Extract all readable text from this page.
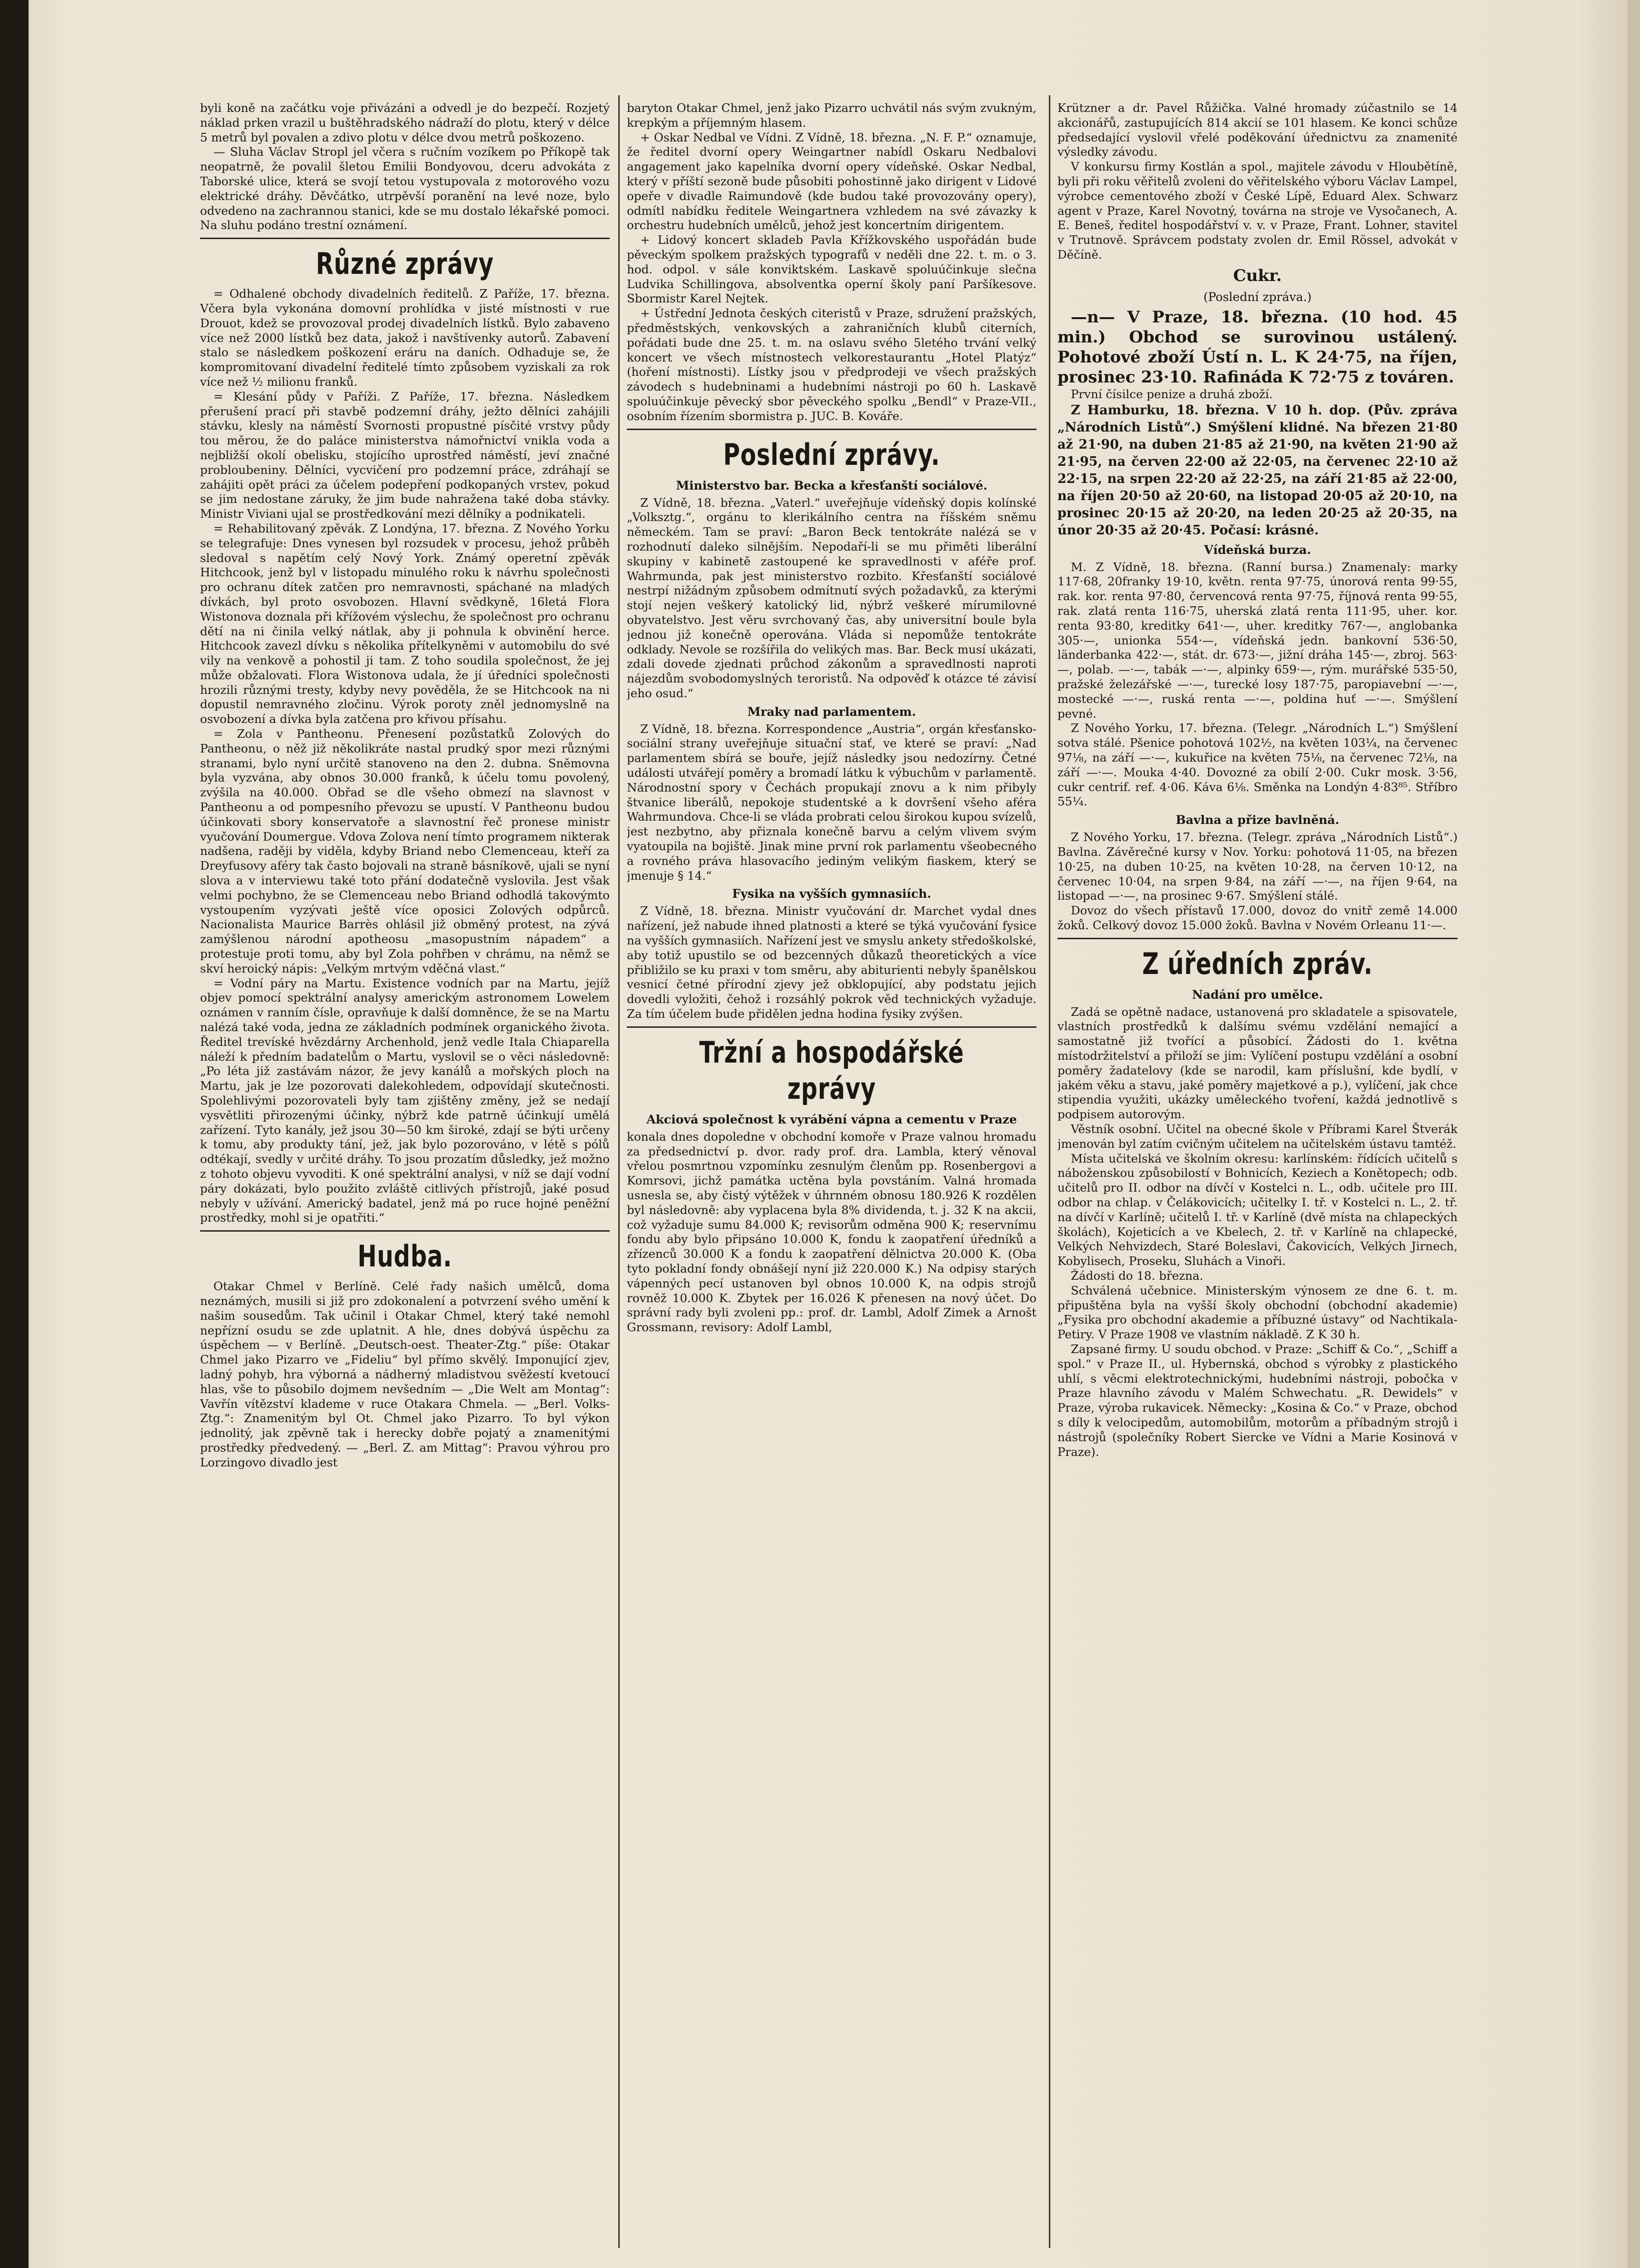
byli koně na začátku voje přivázáni a odvedl je do bezpečí. Rozjetý náklad prken vrazil u buštěhradského nádraží do plotu, který v délce 5 metrů byl povalen a zdivo plotu v délce dvou metrů poškozeno.

— Sluha Václav Stropl jel včera s ručním vozíkem po Příkopě tak neopatrně, že povalil šletou Emilii Bondyovou, dceru advokáta z Taborské ulice, která se svojí tetou vystupovala z motorového vozu elektrické dráhy. Děvčátko, utrpěvší poranění na levé noze, bylo odvedeno na zachrannou stanici, kde se mu dostalo lékařské pomoci. Na sluhu podáno trestní oznámení.

Různé zprávy

= Odhalené obchody divadelních ředitelů. Z Paříže, 17. března. Včera byla vykonána domovní prohlídka v jisté místnosti v rue Drouot, kdež se provozoval prodej divadelních lístků. Bylo zabaveno více než 2000 lístků bez data, jakož i navštívenky autorů. Zabavení stalo se následkem poškození eráru na daních. Odhaduje se, že kompromitovaní divadelní ředitelé tímto způsobem vyziskali za rok více než ½ milionu franků.

= Klesání půdy v Paříži. Z Paříže, 17. března. Následkem přerušení prací při stavbě podzemní dráhy, ježto dělníci zahájili stávku, klesly na náměstí Svornosti propustné písčité vrstvy půdy tou měrou, že do paláce ministerstva námořnictví vnikla voda a nejbližší okolí obelisku, stojícího uprostřed náměstí, jeví značné probloubeniny. Dělníci, vycvičení pro podzemní práce, zdráhají se zahájiti opět práci za účelem podepření podkopaných vrstev, pokud se jim nedostane záruky, že jim bude nahražena také doba stávky. Ministr Viviani ujal se prostředkování mezi dělníky a podnikateli.

= Rehabilitovaný zpěvák. Z Londýna, 17. března. Z Nového Yorku se telegrafuje: Dnes vynesen byl rozsudek v procesu, jehož průběh sledoval s napětím celý Nový York. Známý operetní zpěvák Hitchcook, jenž byl v listopadu minulého roku k návrhu společnosti pro ochranu dítek zatčen pro nemravnosti, spáchané na mladých dívkách, byl proto osvobozen. Hlavní svědkyně, 16letá Flora Wistonova doznala při křížovém výslechu, že společnost pro ochranu dětí na ni činila velký nátlak, aby ji pohnula k obvinění herce. Hitchcook zavezl dívku s několika přítelkyněmi v automobilu do své vily na venkově a pohostil ji tam. Z toho soudila společnost, že jej může obžalovati. Flora Wistonova udala, že jí úředníci společnosti hrozili různými tresty, kdyby nevy pověděla, že se Hitchcook na ni dopustil nemravného zločinu. Výrok poroty zněl jednomyslně na osvobození a dívka byla zatčena pro křivou přísahu.

= Zola v Pantheonu. Přenesení pozůstatků Zolových do Pantheonu, o něž již několikráte nastal prudký spor mezi různými stranami, bylo nyní určitě stanoveno na den 2. dubna. Sněmovna byla vyzvána, aby obnos 30.000 franků, k účelu tomu povolený, zvýšila na 40.000. Obřad se dle všeho obmezí na slavnost v Pantheonu a od pompesního převozu se upustí. V Pantheonu budou účinkovati sbory konservatoře a slavnostní řeč pronese ministr vyučování Doumergue. Vdova Zolova není tímto programem nikterak nadšena, raději by viděla, kdyby Briand nebo Clemenceau, kteří za Dreyfusovy aféry tak často bojovali na straně básníkově, ujali se nyní slova a v interviewu také toto přání dodatečně vyslovila. Jest však velmi pochybno, že se Clemenceau nebo Briand odhodlá takovýmto vystoupením vyzývati ještě více oposici Zolových odpůrců. Nacionalista Maurice Barrès ohlásil již obměný protest, na zývá zamýšlenou národní apotheosu „masopustním nápadem“ a protestuje proti tomu, aby byl Zola pohřben v chrámu, na němž se skví heroický nápis: „Velkým mrtvým vděčná vlast.“

= Vodní páry na Martu. Existence vodních par na Martu, jejíž objev pomocí spektrální analysy americkým astronomem Lowelem oznámen v ranním čísle, opravňuje k další domněnce, že se na Martu nalézá také voda, jedna ze základních podmínek organického života. Ředitel trevíské hvězdárny Archenhold, jenž vedle Itala Chiaparella náleží k předním badatelům o Martu, vyslovil se o věci následovně: „Po léta již zastávám názor, že jevy kanálů a mořských ploch na Martu, jak je lze pozorovati dalekohledem, odpovídají skutečnosti. Spolehlivými pozorovateli byly tam zjištěny změny, jež se nedají vysvětliti přirozenými účinky, nýbrž kde patrně účinkují umělá zařízení. Tyto kanály, jež jsou 30—50 km široké, zdají se býti určeny k tomu, aby produkty tání, jež, jak bylo pozorováno, v létě s pólů odtékají, svedly v určité dráhy. To jsou prozatím důsledky, jež možno z tohoto objevu vyvoditi. K oné spektrální analysi, v níž se dají vodní páry dokázati, bylo použito zvláště citlivých přístrojů, jaké posud nebyly v užívání. Americký badatel, jenž má po ruce hojné peněžní prostředky, mohl si je opatřiti.“

Hudba.

Otakar Chmel v Berlíně. Celé řady našich umělců, doma neznámých, musili si již pro zdokonalení a potvrzení svého umění k našim sousedům. Tak učinil i Otakar Chmel, který také nemohl nepřízní osudu se zde uplatnit. A hle, dnes dobývá úspěchu za úspěchem — v Berlíně. „Deutsch-oest. Theater-Ztg.“ píše: Otakar Chmel jako Pizarro ve „Fideliu“ byl přímo skvělý. Imponující zjev, ladný pohyb, hra výborná a nádherný mladistvou svěžestí kvetoucí hlas, vše to působilo dojmem nevšedním — „Die Welt am Montag“: Vavřín vítězství klademe v ruce Otakara Chmela. — „Berl. Volks-Ztg.“: Znamenitým byl Ot. Chmel jako Pizarro. To byl výkon jednolitý, jak zpěvně tak i herecky dobře pojatý a znamenitými prostředky předvedený. — „Berl. Z. am Mittag“: Pravou výhrou pro Lorzingovo divadlo jest

baryton Otakar Chmel, jenž jako Pizarro uchvátil nás svým zvukným, krepkým a příjemným hlasem.

+ Oskar Nedbal ve Vídni. Z Vídně, 18. března. „N. F. P.“ oznamuje, že ředitel dvorní opery Weingartner nabídl Oskaru Nedbalovi angagement jako kapelníka dvorní opery vídeňské. Oskar Nedbal, který v příští sezoně bude působiti pohostinně jako dirigent v Lidové opeře v divadle Raimundově (kde budou také provozovány opery), odmítl nabídku ředitele Weingartnera vzhledem na své závazky k orchestru hudebních umělců, jehož jest koncertním dirigentem.

+ Lidový koncert skladeb Pavla Křížkovského uspořádán bude pěveckým spolkem pražských typografů v neděli dne 22. t. m. o 3. hod. odpol. v sále konviktském. Laskavě spoluúčinkuje slečna Ludvika Schillingova, absolventka operní školy paní Paršíkesove. Sbormistr Karel Nejtek.

+ Ústřední Jednota českých citeristů v Praze, sdružení pražských, předměstských, venkovských a zahraničních klubů citerních, pořádati bude dne 25. t. m. na oslavu svého 5letého trvání velký koncert ve všech místnostech velkorestaurantu „Hotel Platýz“ (hoření místnosti). Lístky jsou v předprodeji ve všech pražských závodech s hudebninami a hudebními nástroji po 60 h. Laskavě spoluúčinkuje pěvecký sbor pěveckého spolku „Bendl“ v Praze-VII., osobním řízením sbormistra p. JUC. B. Kováře.

Poslední zprávy.
Ministerstvo bar. Becka a křesťanští sociálové.

Z Vídně, 18. března. „Vaterl.“ uveřejňuje vídeňský dopis kolínské „Volksztg.“, orgánu to klerikálního centra na říšském sněmu německém. Tam se praví: „Baron Beck tentokráte nalézá se v rozhodnutí daleko silnějším. Nepodaří-li se mu přiměti liberální skupiny v kabinetě zastoupené ke spravedlnosti v aféře prof. Wahrmunda, pak jest ministerstvo rozbito. Křesťanští sociálové nestrpí nižádným způsobem odmítnutí svých požadavků, za kterými stojí nejen veškerý katolický lid, nýbrž veškeré mírumilovné obyvatelstvo. Jest věru svrchovaný čas, aby universitní boule byla jednou již konečně operována. Vláda si nepomůže tentokráte odklady. Nevole se rozšířila do velikých mas. Bar. Beck musí ukázati, zdali dovede zjednati průchod zákonům a spravedlnosti naproti nájezdům svobodomyslných teroristů. Na odpověď k otázce té závisí jeho osud.“

Mraky nad parlamentem.

Z Vídně, 18. března. Korrespondence „Austria“, orgán křesťansko-sociální strany uveřejňuje situační stať, ve které se praví: „Nad parlamentem sbírá se bouře, jejíž následky jsou nedozírny. Četné události utvářejí poměry a bromadí látku k výbuchům v parlamentě. Národnostní spory v Čechách propukají znovu a k nim přibyly štvanice liberálů, nepokoje studentské a k dovršení všeho aféra Wahrmundova. Chce-li se vláda probrati celou širokou kupou svízelů, jest nezbytno, aby přiznala konečně barvu a celým vlivem svým vyatoupila na bojiště. Jinak mine první rok parlamentu všeobecného a rovného práva hlasovacího jediným velikým fiaskem, který se jmenuje § 14.“

Fysika na vyšších gymnasiích.

Z Vídně, 18. března. Ministr vyučování dr. Marchet vydal dnes nařízení, jež nabude ihned platnosti a které se týká vyučování fysice na vyšších gymnasiích. Nařízení jest ve smyslu ankety středoškolské, aby totiž upustilo se od bezcenných důkazů theoretických a více přibližilo se ku praxi v tom směru, aby abiturienti nebyly španělskou vesnicí četné přírodní zjevy jež obklopující, aby podstatu jejich dovedli vyložiti, čehož i rozsáhlý pokrok věd technických vyžaduje. Za tím účelem bude přidělen jedna hodina fysiky zvýšen.

Tržní a hospodářské zprávy
Akciová společnost k vyrábění vápna a cementu v Praze

konala dnes dopoledne v obchodní komoře v Praze valnou hromadu za předsednictví p. dvor. rady prof. dra. Lambla, který věnoval vřelou posmrtnou vzpomínku zesnulým členům pp. Rosenbergovi a Komrsovi, jichž památka uctěna byla povstáním. Valná hromada usnesla se, aby čistý výtěžek v úhrnném obnosu 180.926 K rozdělen byl následovně: aby vyplacena byla 8% dividenda, t. j. 32 K na akcii, což vyžaduje sumu 84.000 K; revisorům odměna 900 K; reservnímu fondu aby bylo připsáno 10.000 K, fondu k zaopatření úředníků a zřízenců 30.000 K a fondu k zaopatření dělnictva 20.000 K. (Oba tyto pokladní fondy obnášejí nyní již 220.000 K.) Na odpisy starých vápenných pecí ustanoven byl obnos 10.000 K, na odpis strojů rovněž 10.000 K. Zbytek per 16.026 K přenesen na nový účet. Do správní rady byli zvoleni pp.: prof. dr. Lambl, Adolf Zimek a Arnošt Grossmann, revisory: Adolf Lambl,

Krützner a dr. Pavel Růžička. Valné hromady zúčastnilo se 14 akcionářů, zastupujících 814 akcií se 101 hlasem. Ke konci schůze předsedající vyslovil vřelé poděkování úřednictvu za znamenité výsledky závodu.

V konkursu firmy Kostlán a spol., majitele závodu v Hloubětíně, byli při roku věřitelů zvoleni do věřitelského výboru Václav Lampel, výrobce cementového zboží v České Lípě, Eduard Alex. Schwarz agent v Praze, Karel Novotný, továrna na stroje ve Vysočanech, A. E. Beneš, ředitel hospodářství v. v. v Praze, Frant. Lohner, stavitel v Trutnově. Správcem podstaty zvolen dr. Emil Rössel, advokát v Děčíně.

Cukr.
(Poslední zpráva.)

—n— V Praze, 18. března. (10 hod. 45 min.) Obchod se surovinou ustálený. Pohotové zboží Ústí n. L. K 24·75, na říjen, prosinec 23·10. Rafináda K 72·75 z továren.

První čísilce penize a druhá zboží.

Z Hamburku, 18. března. V 10 h. dop. (Pův. zpráva „Národních Listů“.) Smýšlení klidné. Na březen 21·80 až 21·90, na duben 21·85 až 21·90, na květen 21·90 až 21·95, na červen 22·00 až 22·05, na červenec 22·10 až 22·15, na srpen 22·20 až 22·25, na září 21·85 až 22·00, na říjen 20·50 až 20·60, na listopad 20·05 až 20·10, na prosinec 20·15 až 20·20, na leden 20·25 až 20·35, na únor 20·35 až 20·45. Počasí: krásné.

Vídeňská burza.

M. Z Vídně, 18. března. (Ranní bursa.) Znamenaly: marky 117·68, 20franky 19·10, květn. renta 97·75, únorová renta 99·55, rak. kor. renta 97·80, červencová renta 97·75, říjnová renta 99·55, rak. zlatá renta 116·75, uherská zlatá renta 111·95, uher. kor. renta 93·80, kreditky 641·—, uher. kreditky 767·—, anglobanka 305·—, unionka 554·—, vídeňská jedn. bankovní 536·50, länderbanka 422·—, stát. dr. 673·—, jižní dráha 145·—, zbroj. 563·—, polab. —·—, tabák —·—, alpinky 659·—, rým. murářské 535·50, pražské železářské —·—, turecké losy 187·75, paropiavební —·—, mostecké —·—, ruská renta —·—, poldina huť —·—. Smýšlení pevné.

Z Nového Yorku, 17. března. (Telegr. „Národních L.“) Smýšlení sotva stálé. Pšenice pohotová 102½, na květen 103¼, na červenec 97⅛, na září —·—, kukuřice na květen 75⅛, na červenec 72⅛, na září —·—. Mouka 4·40. Dovozné za obilí 2·00. Cukr mosk. 3·56, cukr centrif. ref. 4·06. Káva 6⅛. Směnka na Londýn 4·83⁸⁵. Stříbro 55¼.

Bavlna a přize bavlněná.

Z Nového Yorku, 17. března. (Telegr. zpráva „Národních Listů“.) Bavlna. Závěrečné kursy v Nov. Yorku: pohotová 11·05, na březen 10·25, na duben 10·25, na květen 10·28, na červen 10·12, na červenec 10·04, na srpen 9·84, na září —·—, na říjen 9·64, na listopad —·—, na prosinec 9·67. Smýšlení stálé.

Dovoz do všech přístavů 17.000, dovoz do vnitř země 14.000 žoků. Celkový dovoz 15.000 žoků. Bavlna v Novém Orleanu 11·—.

Z úředních zpráv.
Nadání pro umělce.

Zadá se opětně nadace, ustanovená pro skladatele a spisovatele, vlastních prostředků k dalšímu svému vzdělání nemající a samostatně již tvořící a působící. Žádosti do 1. května místodržitelství a přiloží se jim: Vylíčení postupu vzdělání a osobní poměry žadatelovy (kde se narodil, kam příslušní, kde bydlí, v jakém věku a stavu, jaké poměry majetkové a p.), vylíčení, jak chce stipendia využiti, ukázky uměleckého tvoření, každá jednotlivě s podpisem autorovým.

Věstník osobní. Učitel na obecné škole v Příbrami Karel Štverák jmenován byl zatím cvičným učitelem na učitelském ústavu tamtéž.

Místa učitelská ve školním okresu: karlínském: řídících učitelů s náboženskou způsobilostí v Bohnicích, Keziech a Konětopech; odb. učitelů pro II. odbor na dívčí v Kostelci n. L., odb. učitele pro III. odbor na chlap. v Čelákovicích; učitelky I. tř. v Kostelci n. L., 2. tř. na dívčí v Karlíně; učitelů I. tř. v Karlíně (dvě místa na chlapeckých školách), Kojeticích a ve Kbelech, 2. tř. v Karlíně na chlapecké, Velkých Nehvizdech, Staré Boleslavi, Čakovicích, Velkých Jirnech, Kobylisech, Proseku, Sluhách a Vinoři.

Žádosti do 18. března.

Schválená učebnice. Ministerským výnosem ze dne 6. t. m. připuštěna byla na vyšší školy obchodní (obchodní akademie) „Fysika pro obchodní akademie a příbuzné ústavy“ od Nachtikala-Petiry. V Praze 1908 ve vlastním nákladě. Z K 30 h.

Zapsané firmy. U soudu obchod. v Praze: „Schiff & Co.“, „Schiff a spol.“ v Praze II., ul. Hybernská, obchod s výrobky z plastického uhlí, s věcmi elektrotechnickými, hudebními nástroji, pobočka v Praze hlavního závodu v Malém Schwechatu. „R. Dewidels“ v Praze, výroba rukavicek. Německy: „Kosina & Co.“ v Praze, obchod s díly k velocipedům, automobilům, motorům a příbadným strojů i nástrojů (společníky Robert Siercke ve Vídni a Marie Kosinová v Praze).
